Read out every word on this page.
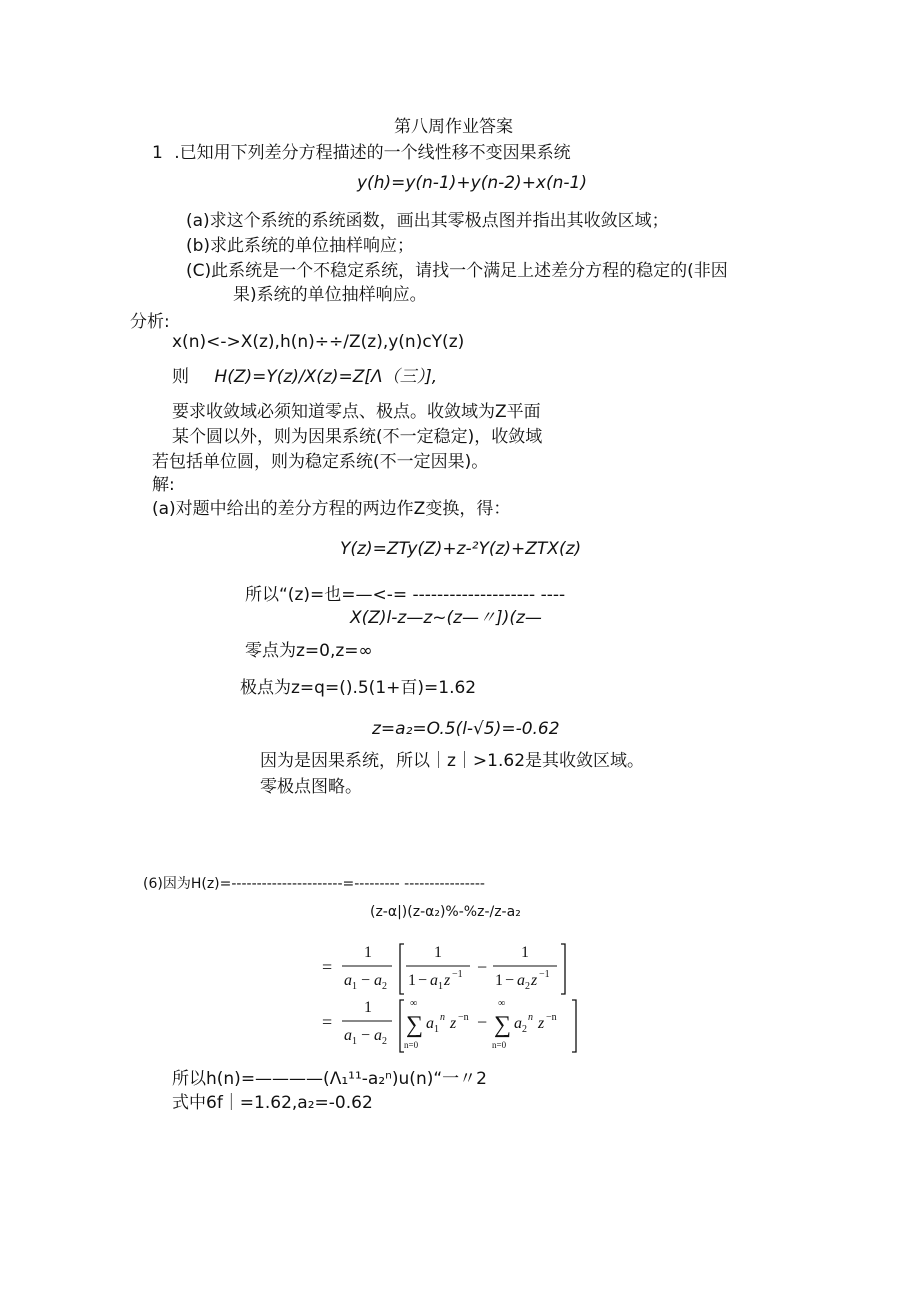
第八周作业答案
1 .已知用下列差分方程描述的一个线性移不变因果系统
y(h)=y(n-1)+y(n-2)+x(n-1)
(a)求这个系统的系统函数，画出其零极点图并指出其收敛区域；
(b)求此系统的单位抽样响应；
(C)此系统是一个不稳定系统，请找一个满足上述差分方程的稳定的(非因
果)系统的单位抽样响应。
分析:
x(n)<->X(z),h(n)÷÷/Z(z),y(n)cY(z)
则 H(Z)=Y(z)/X(z)=Z[Λ（三）],
要求收敛域必须知道零点、极点。收敛域为Z平面
某个圆以外，则为因果系统(不一定稳定)，收敛域
若包括单位圆，则为稳定系统(不一定因果)。
解:
(a)对题中给出的差分方程的两边作Z变换，得：
Y(z)=ZTy(Z)+z-²Y(z)+ZTX(z)
所以“(z)=也=—<-= -------------------- ----
X(Z)l-z—z~(z—〃])(z—
零点为z=0,z=∞
极点为z=q=().5(1+百)=1.62
z=a₂=O.5(l-√5)=-0.62
因为是因果系统，所以｜z｜>1.62是其收敛区域。
零极点图略。
(6)因为H(z)=----------------------=--------- ----------------
(z-α|)(z-α₂)%-%z-/z-a₂
=
1
a 1 − a 2
1
1 − a 1 z −1 −
1
1 − a 2 z −1
=
1
a 1 − a 2
∞
∑
n=0
a 1
n z −n −
∞
∑
n=0
a 2
n z −n
所以h(n)=————(Λ₁¹¹-a₂ⁿ)u(n)“一〃2
式中6f｜=1.62,a₂=-0.62
